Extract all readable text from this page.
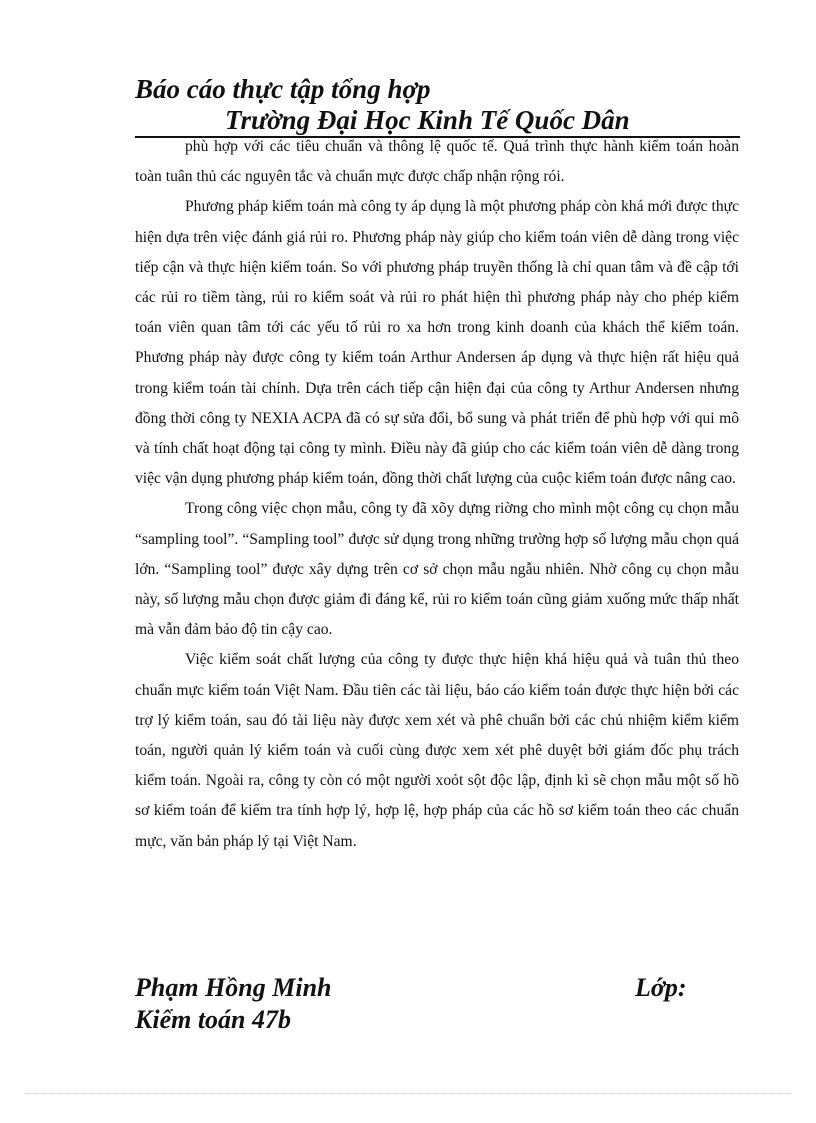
Báo cáo thực tập tổng hợp
Trường Đại Học Kinh Tế Quốc Dân

phù hợp với các tiêu chuẩn và thông lệ quốc tế. Quá trình thực hành kiểm toán hoàn toàn tuân thủ các nguyên tắc và chuẩn mực được chấp nhận rộng rói.

Phương pháp kiểm toán mà công ty áp dụng là một phương pháp còn khá mới được thực hiện dựa trên việc đánh giá rủi ro. Phương pháp này giúp cho kiểm toán viên dễ dàng trong việc tiếp cận và thực hiện kiểm toán. So với phương pháp truyền thống là chỉ quan tâm và đề cập tới các rủi ro tiềm tàng, rủi ro kiểm soát và rủi ro phát hiện thì phương pháp này cho phép kiểm toán viên quan tâm tới các yếu tố rủi ro xa hơn trong kinh doanh của khách thể kiểm toán. Phương pháp này được công ty kiểm toán Arthur Andersen áp dụng và thực hiện rất hiệu quả trong kiểm toán tài chính. Dựa trên cách tiếp cận hiện đại của công ty Arthur Andersen nhưng đồng thời công ty NEXIA ACPA đã có sự sửa đổi, bổ sung và phát triển để phù hợp với qui mô và tính chất hoạt động tại công ty mình. Điều này đã giúp cho các kiểm toán viên dễ dàng trong việc vận dụng phương pháp kiểm toán, đồng thời chất lượng của cuộc kiểm toán được nâng cao.

Trong công việc chọn mẫu, công ty đã xõy dựng riờng cho mình một công cụ chọn mẫu “sampling tool”. “Sampling tool” được sử dụng trong những trường hợp số lượng mẫu chọn quá lớn. “Sampling tool” được xây dựng trên cơ sở chọn mẫu ngẫu nhiên. Nhờ công cụ chọn mẫu này, số lượng mẫu chọn được giảm đi đáng kể, rủi ro kiểm toán cũng giảm xuống mức thấp nhất mà vẫn đảm bảo độ tin cậy cao.

Việc kiểm soát chất lượng của công ty được thực hiện khá hiệu quả và tuân thủ theo chuẩn mực kiểm toán Việt Nam. Đầu tiên các tài liệu, báo cáo kiểm toán được thực hiện bởi các trợ lý kiểm toán, sau đó tài liệu này được xem xét và phê chuẩn bởi các chủ nhiệm kiểm kiểm toán, người quản lý kiểm toán và cuối cùng được xem xét phê duyệt bởi giám đốc phụ trách kiểm toán. Ngoài ra, công ty còn có một người xoỏt sột độc lập, định kì sẽ chọn mẫu một số hồ sơ kiểm toán để kiểm tra tính hợp lý, hợp lệ, hợp pháp của các hồ sơ kiểm toán theo các chuẩn mực, văn bản pháp lý tại Việt Nam.

Phạm Hồng Minh	Lớp:
Kiểm toán 47b
